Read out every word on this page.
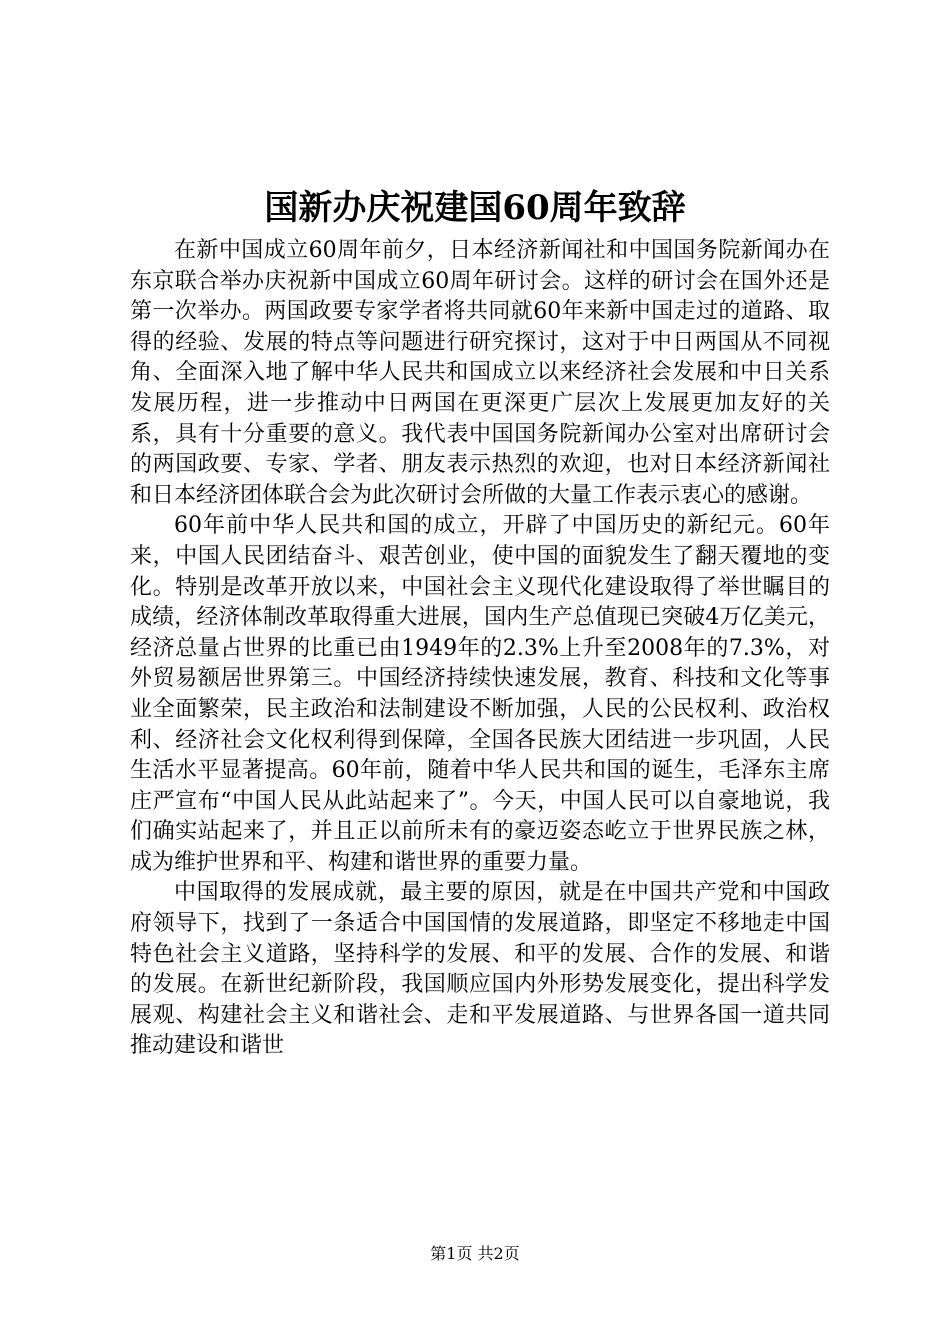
国新办庆祝建国60周年致辞

在新中国成立60周年前夕，日本经济新闻社和中国国务院新闻办在东京联合举办庆祝新中国成立60周年研讨会。这样的研讨会在国外还是第一次举办。两国政要专家学者将共同就60年来新中国走过的道路、取得的经验、发展的特点等问题进行研究探讨，这对于中日两国从不同视角、全面深入地了解中华人民共和国成立以来经济社会发展和中日关系发展历程，进一步推动中日两国在更深更广层次上发展更加友好的关系，具有十分重要的意义。我代表中国国务院新闻办公室对出席研讨会的两国政要、专家、学者、朋友表示热烈的欢迎，也对日本经济新闻社和日本经济团体联合会为此次研讨会所做的大量工作表示衷心的感谢。

60年前中华人民共和国的成立，开辟了中国历史的新纪元。60年来，中国人民团结奋斗、艰苦创业，使中国的面貌发生了翻天覆地的变化。特别是改革开放以来，中国社会主义现代化建设取得了举世瞩目的成绩，经济体制改革取得重大进展，国内生产总值现已突破4万亿美元，经济总量占世界的比重已由1949年的2.3%上升至2008年的7.3%，对外贸易额居世界第三。中国经济持续快速发展，教育、科技和文化等事业全面繁荣，民主政治和法制建设不断加强，人民的公民权利、政治权利、经济社会文化权利得到保障，全国各民族大团结进一步巩固，人民生活水平显著提高。60年前，随着中华人民共和国的诞生，毛泽东主席庄严宣布“中国人民从此站起来了”。今天，中国人民可以自豪地说，我们确实站起来了，并且正以前所未有的豪迈姿态屹立于世界民族之林，成为维护世界和平、构建和谐世界的重要力量。

中国取得的发展成就，最主要的原因，就是在中国共产党和中国政府领导下，找到了一条适合中国国情的发展道路，即坚定不移地走中国特色社会主义道路，坚持科学的发展、和平的发展、合作的发展、和谐的发展。在新世纪新阶段，我国顺应国内外形势发展变化，提出科学发展观、构建社会主义和谐社会、走和平发展道路、与世界各国一道共同推动建设和谐世

第1页 共2页
